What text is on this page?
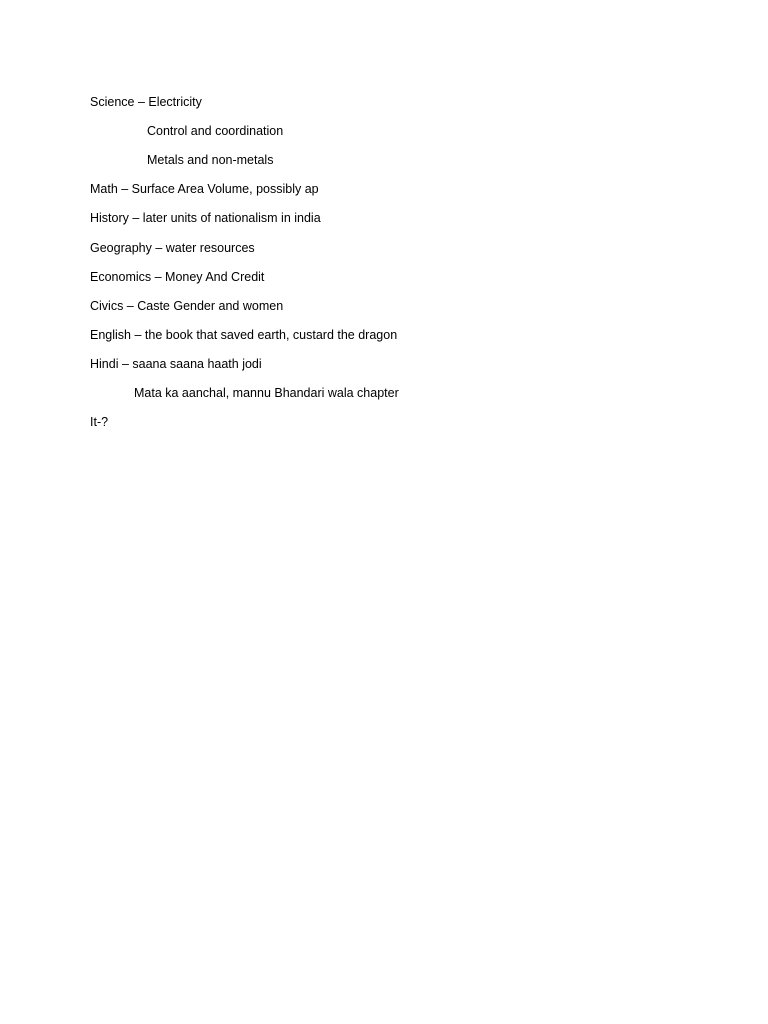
Science – Electricity
Control and coordination
Metals and non-metals
Math – Surface Area Volume, possibly ap
History – later units of nationalism in india
Geography – water resources
Economics – Money And Credit
Civics – Caste Gender and women
English – the book that saved earth, custard the dragon
Hindi – saana saana haath jodi
Mata ka aanchal, mannu Bhandari wala chapter
It-?
